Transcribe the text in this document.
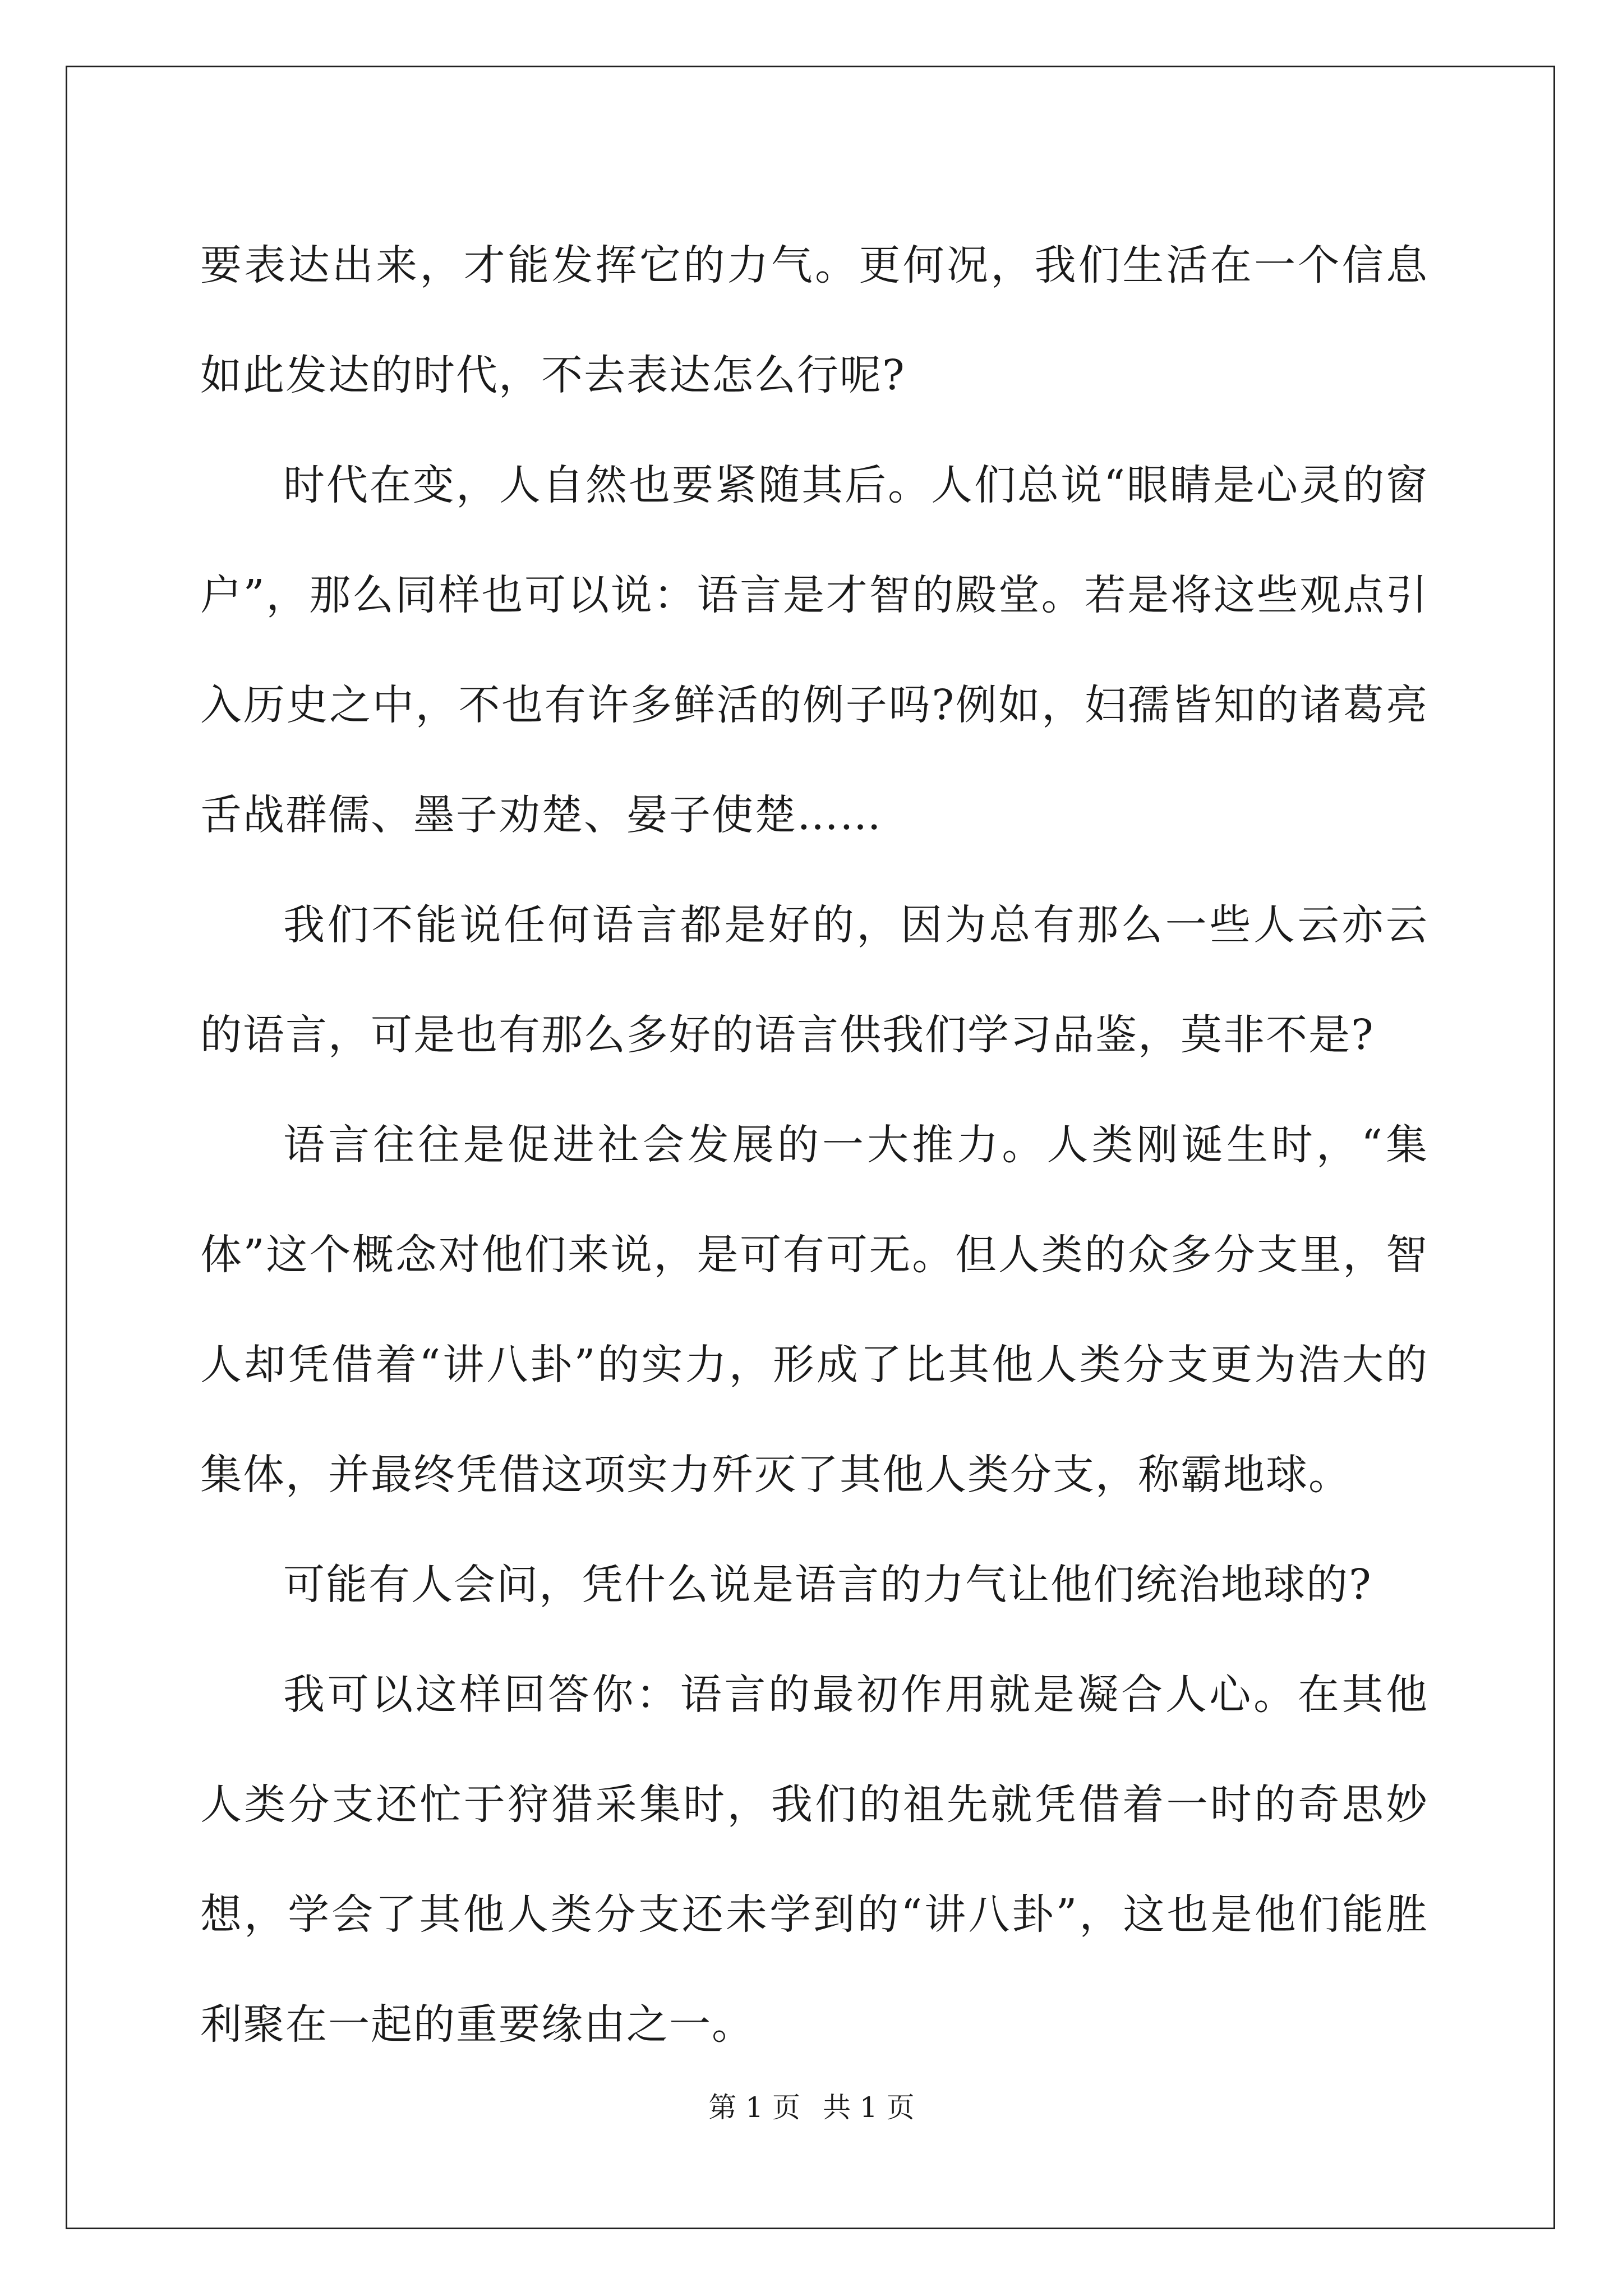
要表达出来，才能发挥它的力气。更何况，我们生活在一个信息如此发达的时代，不去表达怎么行呢?

时代在变，人自然也要紧随其后。人们总说“眼睛是心灵的窗户”，那么同样也可以说：语言是才智的殿堂。若是将这些观点引入历史之中，不也有许多鲜活的例子吗?例如，妇孺皆知的诸葛亮舌战群儒、墨子劝楚、晏子使楚……

我们不能说任何语言都是好的，因为总有那么一些人云亦云的语言，可是也有那么多好的语言供我们学习品鉴，莫非不是?

语言往往是促进社会发展的一大推力。人类刚诞生时，“集体”这个概念对他们来说，是可有可无。但人类的众多分支里，智人却凭借着“讲八卦”的实力，形成了比其他人类分支更为浩大的集体，并最终凭借这项实力歼灭了其他人类分支，称霸地球。

可能有人会问，凭什么说是语言的力气让他们统治地球的?

我可以这样回答你：语言的最初作用就是凝合人心。在其他人类分支还忙于狩猎采集时，我们的祖先就凭借着一时的奇思妙想，学会了其他人类分支还未学到的“讲八卦”，这也是他们能胜利聚在一起的重要缘由之一。

第 1 页 共 1 页
